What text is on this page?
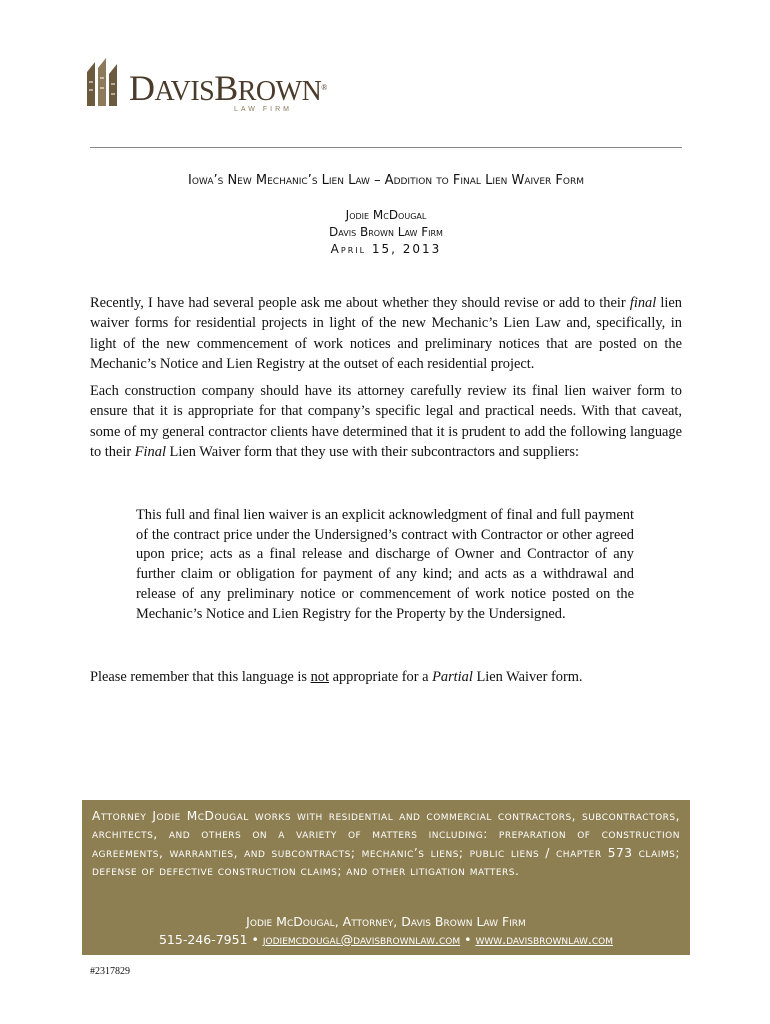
DAVISBROWN®
LAW FIRM
Iowa’s New Mechanic’s Lien Law – Addition to Final Lien Waiver Form
Jodie McDougal
Davis Brown Law Firm
April 15, 2013

Recently, I have had several people ask me about whether they should revise or add to their final lien waiver forms for residential projects in light of the new Mechanic’s Lien Law and, specifically, in light of the new commencement of work notices and preliminary notices that are posted on the Mechanic’s Notice and Lien Registry at the outset of each residential project.

Each construction company should have its attorney carefully review its final lien waiver form to ensure that it is appropriate for that company’s specific legal and practical needs. With that caveat, some of my general contractor clients have determined that it is prudent to add the following language to their Final Lien Waiver form that they use with their subcontractors and suppliers:

This full and final lien waiver is an explicit acknowledgment of final and full payment of the contract price under the Undersigned’s contract with Contractor or other agreed upon price; acts as a final release and discharge of Owner and Contractor of any further claim or obligation for payment of any kind; and acts as a withdrawal and release of any preliminary notice or commencement of work notice posted on the Mechanic’s Notice and Lien Registry for the Property by the Undersigned.

Please remember that this language is not appropriate for a Partial Lien Waiver form.

Attorney Jodie McDougal works with residential and commercial contractors, subcontractors, architects, and others on a variety of matters including: preparation of construction agreements, warranties, and subcontracts; mechanic’s liens; public liens / chapter 573 claims; defense of defective construction claims; and other litigation matters.

Jodie McDougal, Attorney, Davis Brown Law Firm
515-246-7951 • jodiemcdougal@davisbrownlaw.com • www.davisbrownlaw.com
#2317829
